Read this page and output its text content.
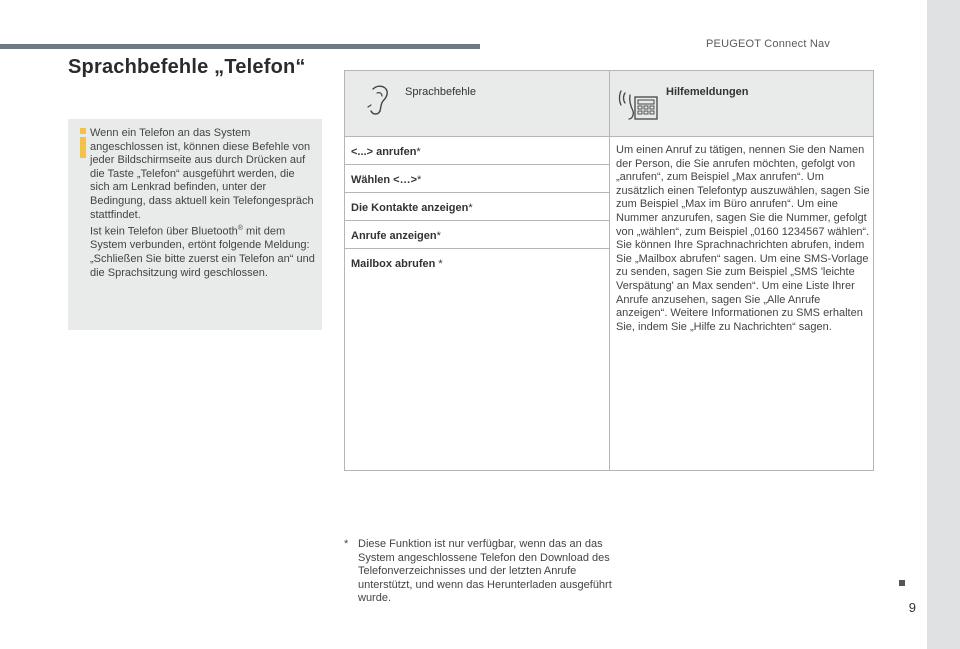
PEUGEOT Connect Nav
9
Sprachbefehle „Telefon“

Wenn ein Telefon an das System angeschlossen ist, können diese Befehle von jeder Bildschirmseite aus durch Drücken auf die Taste „Telefon“ ausgeführt werden, die sich am Lenkrad befinden, unter der Bedingung, dass aktuell kein Telefongespräch stattfindet.

Ist kein Telefon über Bluetooth® mit dem System verbunden, ertönt folgende Meldung: „Schließen Sie bitte zuerst ein Telefon an“ und die Sprachsitzung wird geschlossen.

Sprachbefehle	Hilfemeldungen
<...> anrufen*
Wählen <…>*
Die Kontakte anzeigen*
Anrufe anzeigen*
Mailbox abrufen *
Um einen Anruf zu tätigen, nennen Sie den Namen der Person, die Sie anrufen möchten, gefolgt von „anrufen“, zum Beispiel „Max anrufen“. Um zusätzlich einen Telefontyp auszuwählen, sagen Sie zum Beispiel „Max im Büro anrufen“. Um eine Nummer anzurufen, sagen Sie die Nummer, gefolgt von „wählen“, zum Beispiel „0160 1234567 wählen“. Sie können Ihre Sprachnachrichten abrufen, indem Sie „Mailbox abrufen“ sagen. Um eine SMS-Vorlage zu senden, sagen Sie zum Beispiel „SMS 'leichte Verspätung' an Max senden“. Um eine Liste Ihrer Anrufe anzusehen, sagen Sie „Alle Anrufe anzeigen“. Weitere Informationen zu SMS erhalten Sie, indem Sie „Hilfe zu Nachrichten“ sagen.
* Diese Funktion ist nur verfügbar, wenn das an das System angeschlossene Telefon den Download des Telefonverzeichnisses und der letzten Anrufe unterstützt, und wenn das Herunterladen ausgeführt wurde.
